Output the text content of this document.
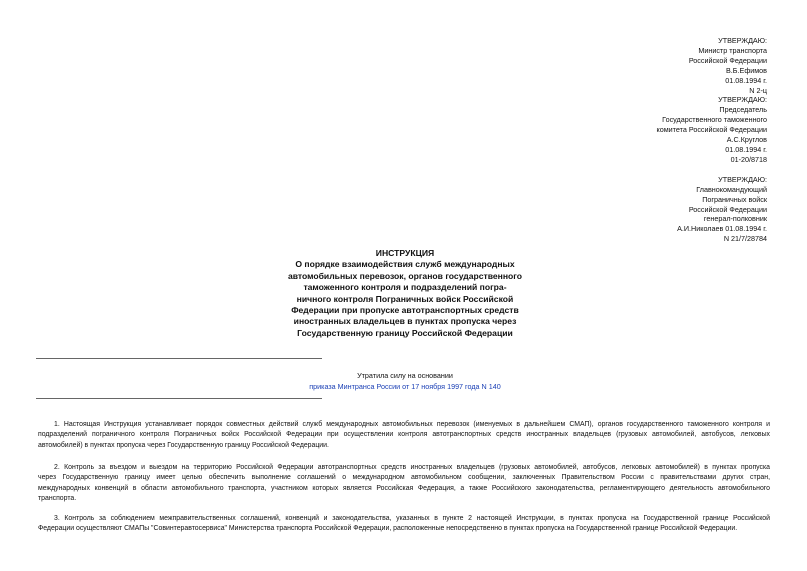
УТВЕРЖДАЮ:
Министр транспорта
Российской Федерации
В.Б.Ефимов
01.08.1994 г.
N 2-ц
УТВЕРЖДАЮ:
Председатель
Государственного таможенного
комитета Российской Федерации
А.С.Круглов
01.08.1994 г.
01-20/8718
УТВЕРЖДАЮ:
Главнокомандующий
Пограничных войск
Российской Федерации
генерал-полковник
А.И.Николаев 01.08.1994 г.
N 21/7/28784
ИНСТРУКЦИЯ
О порядке взаимодействия служб международных
автомобильных перевозок, органов государственного
таможенного контроля и подразделений погра-
ничного контроля Пограничных войск Российской
Федерации при пропуске автотранспортных средств
иностранных владельцев в пунктах пропуска через
Государственную границу Российской Федерации
Утратила силу на основании
приказа Минтранса России от 17 ноября 1997 года N 140
1. Настоящая Инструкция устанавливает порядок совместных действий служб международных автомобильных перевозок (именуемых в дальнейшем СМАП), органов государственного таможенного контроля и
подразделений пограничного контроля Пограничных войск Российской Федерации при осуществлении контроля автотранспортных средств иностранных владельцев (грузовых автомобилей, автобусов, легковых
автомобилей) в пунктах пропуска через Государственную границу Российской Федерации.
2. Контроль за въездом и выездом на территорию Российской Федерации автотранспортных средств иностранных владельцев (грузовых автомобилей, автобусов, легковых автомобилей) в пунктах пропуска
через Государственную границу имеет целью обеспечить выполнение соглашений о международном автомобильном сообщении, заключенных Правительством России с правительствами других стран,
международных конвенций в области автомобильного транспорта, участником которых является Российская Федерация, а также Российского законодательства, регламентирующего деятельность автомобильного
транспорта.
3. Контроль за соблюдением межправительственных соглашений, конвенций и законодательства, указанных в пункте 2 настоящей Инструкции, в пунктах пропуска на Государственной границе Российской
Федерации осуществляют СМАПы "Совинтеравтосервиса" Министерства транспорта Российской Федерации, расположенные непосредственно в пунктах пропуска на Государственной границе Российской Федерации.
